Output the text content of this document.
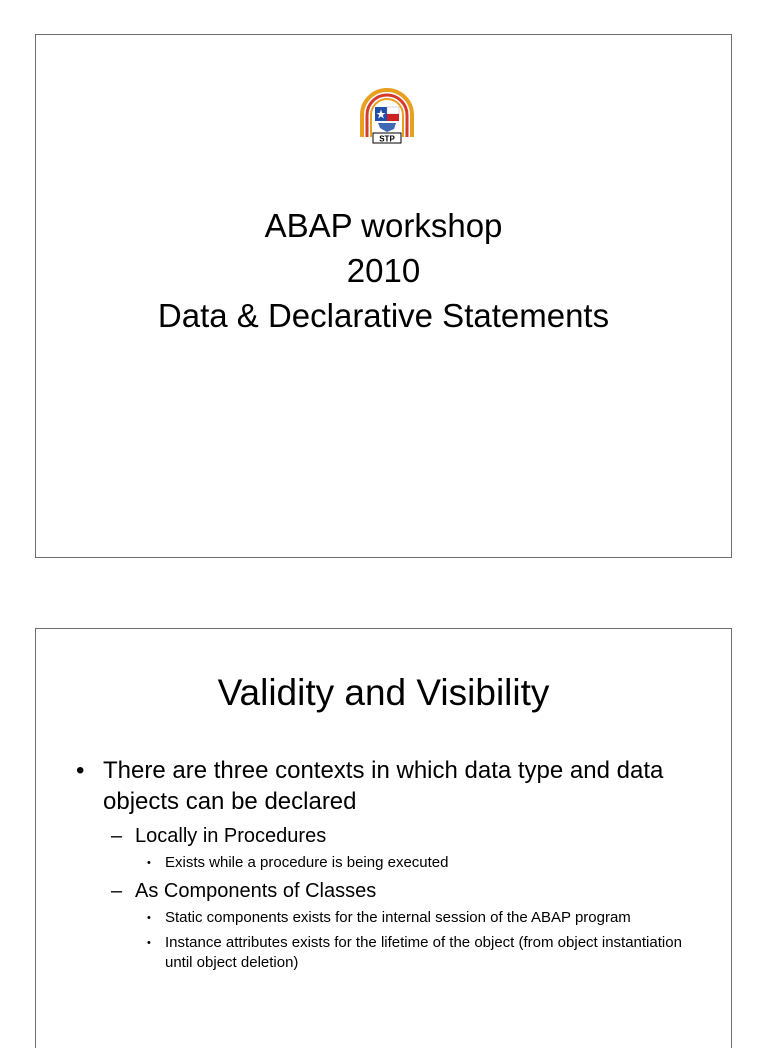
STP
ABAP workshop
2010
Data & Declarative Statements
Validity and Visibility
• There are three contexts in which data type and data objects can be declared
– Locally in Procedures
• Exists while a procedure is being executed
– As Components of Classes
• Static components exists for the internal session of the ABAP program
• Instance attributes exists for the lifetime of the object (from object instantiation until object deletion)
